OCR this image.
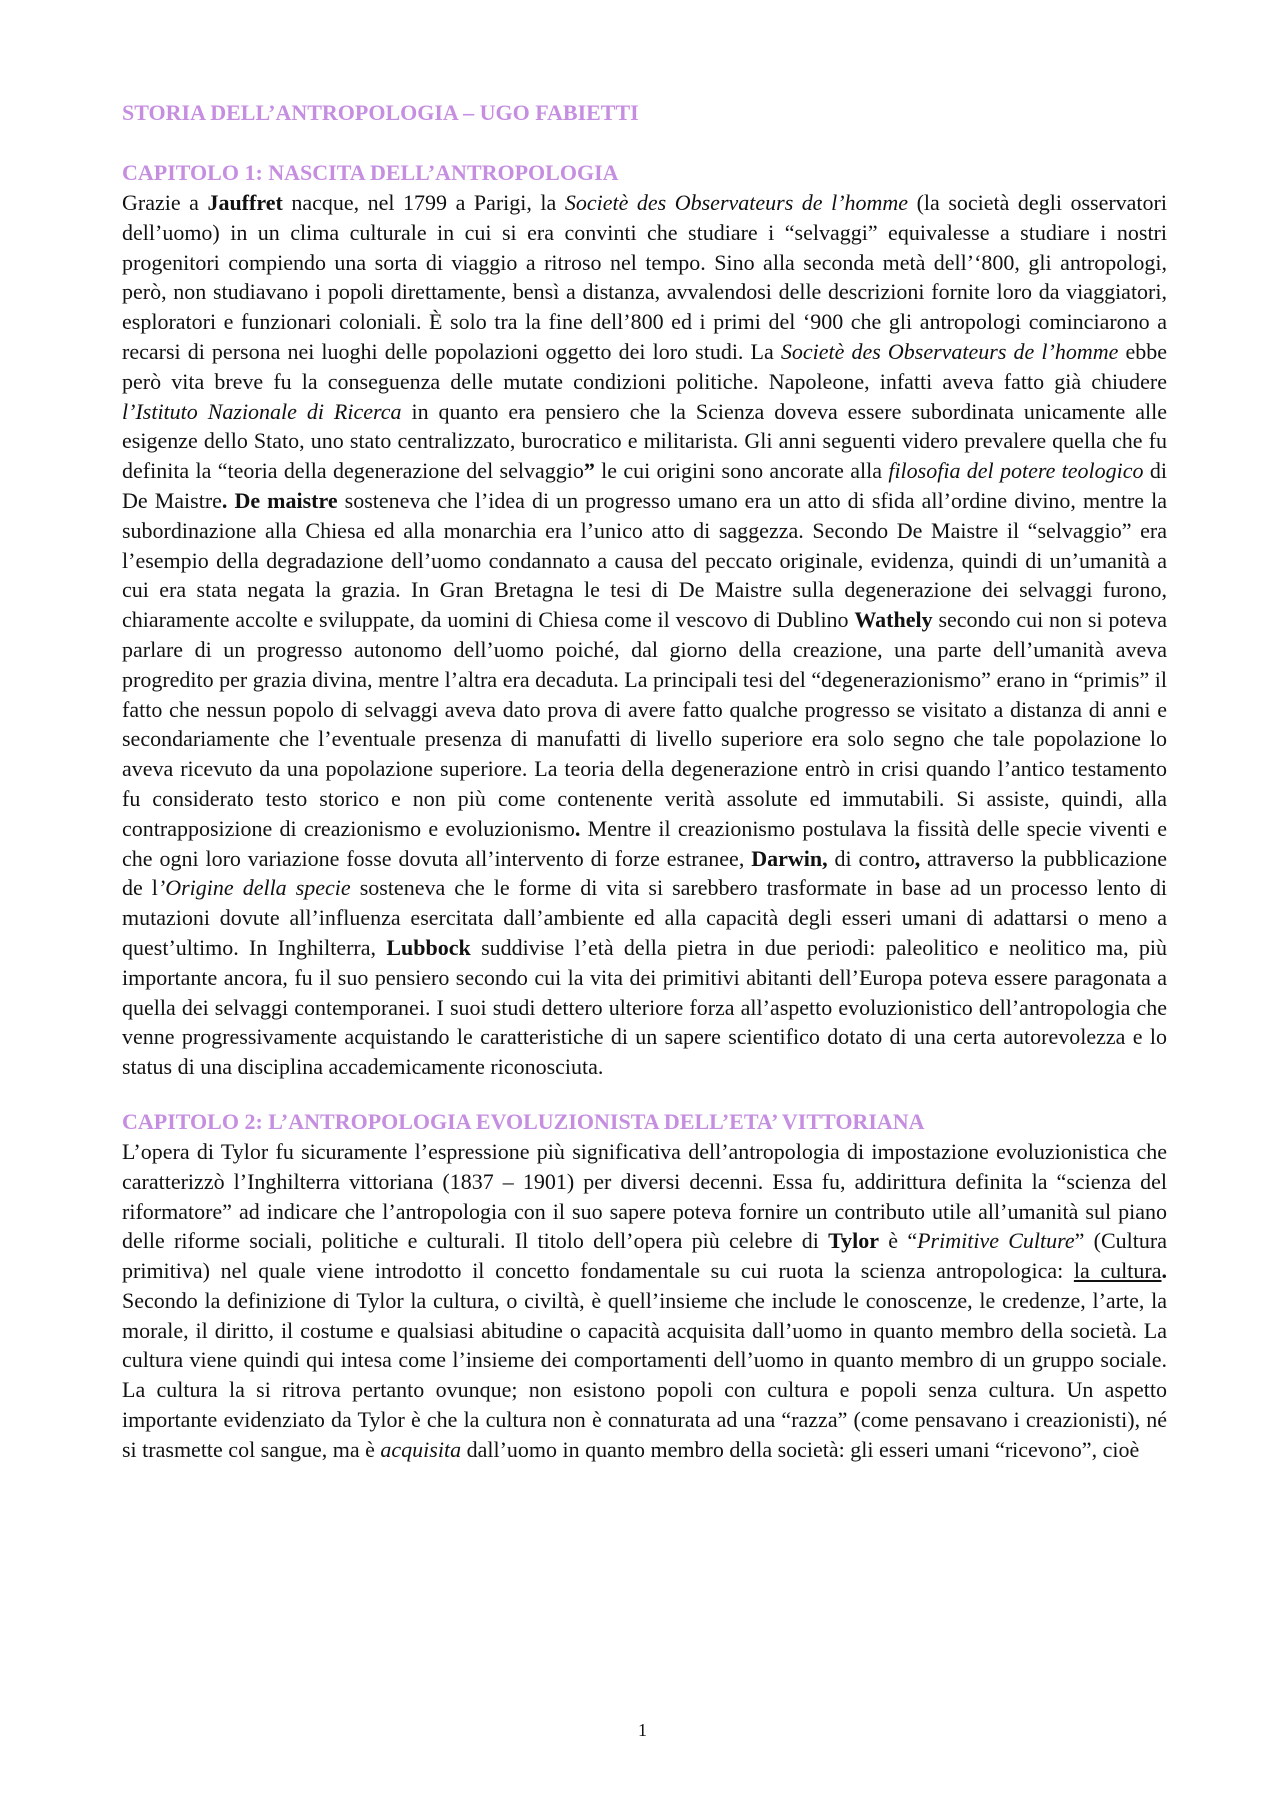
STORIA DELL’ANTROPOLOGIA – UGO FABIETTI
CAPITOLO 1: NASCITA DELL’ANTROPOLOGIA

Grazie a Jauffret nacque, nel 1799 a Parigi, la Societè des Observateurs de l’homme (la società degli osservatori dell’uomo) in un clima culturale in cui si era convinti che studiare i “selvaggi” equivalesse a studiare i nostri progenitori compiendo una sorta di viaggio a ritroso nel tempo. Sino alla seconda metà dell’‘800, gli antropologi, però, non studiavano i popoli direttamente, bensì a distanza, avvalendosi delle descrizioni fornite loro da viaggiatori, esploratori e funzionari coloniali. È solo tra la fine dell’800 ed i primi del ‘900 che gli antropologi cominciarono a recarsi di persona nei luoghi delle popolazioni oggetto dei loro studi. La Societè des Observateurs de l’homme ebbe però vita breve fu la conseguenza delle mutate condizioni politiche. Napoleone, infatti aveva fatto già chiudere l’Istituto Nazionale di Ricerca in quanto era pensiero che la Scienza doveva essere subordinata unicamente alle esigenze dello Stato, uno stato centralizzato, burocratico e militarista. Gli anni seguenti videro prevalere quella che fu definita la “teoria della degenerazione del selvaggio” le cui origini sono ancorate alla filosofia del potere teologico di De Maistre. De maistre sosteneva che l’idea di un progresso umano era un atto di sfida all’ordine divino, mentre la subordinazione alla Chiesa ed alla monarchia era l’unico atto di saggezza. Secondo De Maistre il “selvaggio” era l’esempio della degradazione dell’uomo condannato a causa del peccato originale, evidenza, quindi di un’umanità a cui era stata negata la grazia. In Gran Bretagna le tesi di De Maistre sulla degenerazione dei selvaggi furono, chiaramente accolte e sviluppate, da uomini di Chiesa come il vescovo di Dublino Wathely secondo cui non si poteva parlare di un progresso autonomo dell’uomo poiché, dal giorno della creazione, una parte dell’umanità aveva progredito per grazia divina, mentre l’altra era decaduta. La principali tesi del “degenerazionismo” erano in “primis” il fatto che nessun popolo di selvaggi aveva dato prova di avere fatto qualche progresso se visitato a distanza di anni e secondariamente che l’eventuale presenza di manufatti di livello superiore era solo segno che tale popolazione lo aveva ricevuto da una popolazione superiore. La teoria della degenerazione entrò in crisi quando l’antico testamento fu considerato testo storico e non più come contenente verità assolute ed immutabili. Si assiste, quindi, alla contrapposizione di creazionismo e evoluzionismo. Mentre il creazionismo postulava la fissità delle specie viventi e che ogni loro variazione fosse dovuta all’intervento di forze estranee, Darwin, di contro, attraverso la pubblicazione de l’Origine della specie sosteneva che le forme di vita si sarebbero trasformate in base ad un processo lento di mutazioni dovute all’influenza esercitata dall’ambiente ed alla capacità degli esseri umani di adattarsi o meno a quest’ultimo. In Inghilterra, Lubbock suddivise l’età della pietra in due periodi: paleolitico e neolitico ma, più importante ancora, fu il suo pensiero secondo cui la vita dei primitivi abitanti dell’Europa poteva essere paragonata a quella dei selvaggi contemporanei. I suoi studi dettero ulteriore forza all’aspetto evoluzionistico dell’antropologia che venne progressivamente acquistando le caratteristiche di un sapere scientifico dotato di una certa autorevolezza e lo status di una disciplina accademicamente riconosciuta.

CAPITOLO 2: L’ANTROPOLOGIA EVOLUZIONISTA DELL’ETA’ VITTORIANA

L’opera di Tylor fu sicuramente l’espressione più significativa dell’antropologia di impostazione evoluzionistica che caratterizzò l’Inghilterra vittoriana (1837 – 1901) per diversi decenni. Essa fu, addirittura definita la “scienza del riformatore” ad indicare che l’antropologia con il suo sapere poteva fornire un contributo utile all’umanità sul piano delle riforme sociali, politiche e culturali. Il titolo dell’opera più celebre di Tylor è “Primitive Culture” (Cultura primitiva) nel quale viene introdotto il concetto fondamentale su cui ruota la scienza antropologica: la cultura. Secondo la definizione di Tylor la cultura, o civiltà, è quell’insieme che include le conoscenze, le credenze, l’arte, la morale, il diritto, il costume e qualsiasi abitudine o capacità acquisita dall’uomo in quanto membro della società. La cultura viene quindi qui intesa come l’insieme dei comportamenti dell’uomo in quanto membro di un gruppo sociale. La cultura la si ritrova pertanto ovunque; non esistono popoli con cultura e popoli senza cultura. Un aspetto importante evidenziato da Tylor è che la cultura non è connaturata ad una “razza” (come pensavano i creazionisti), né si trasmette col sangue, ma è acquisita dall’uomo in quanto membro della società: gli esseri umani “ricevono”, cioè

1
